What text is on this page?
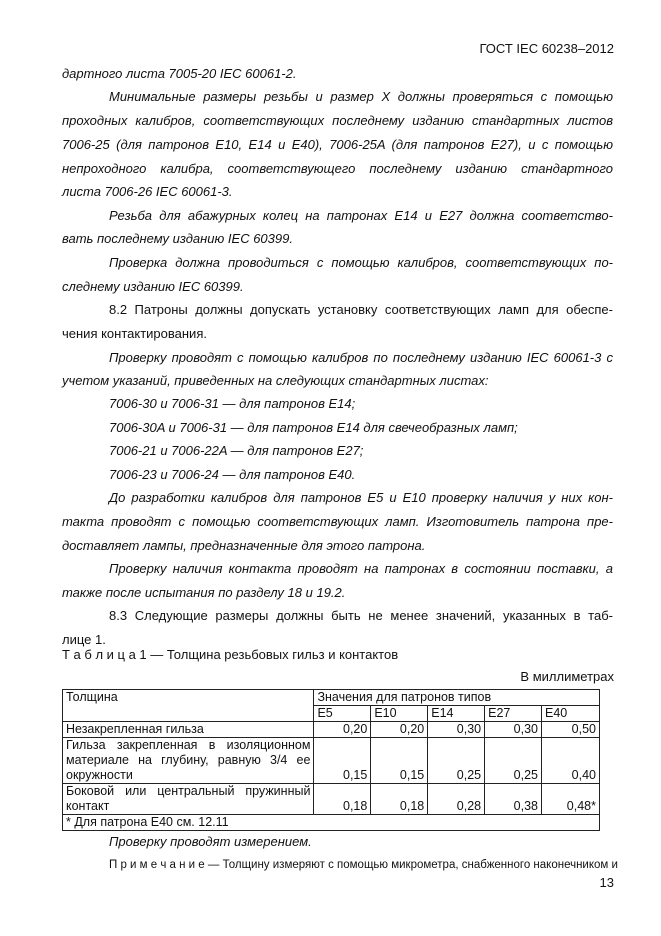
ГОСТ IEC 60238–2012
дартного листа 7005-20 IEC 60061-2.
Минимальные размеры резьбы и размер X должны проверяться с помощью
проходных калибров, соответствующих последнему изданию стандартных листов
7006-25 (для патронов E10, E14 и E40), 7006-25A (для патронов E27), и с помощью
непроходного калибра, соответствующего последнему изданию стандартного
листа 7006-26 IEC 60061-3.
Резьба для абажурных колец на патронах E14 и E27 должна соответство-
вать последнему изданию IEC 60399.
Проверка должна проводиться с помощью калибров, соответствующих по-
следнему изданию IEC 60399.
8.2 Патроны должны допускать установку соответствующих ламп для обеспе-
чения контактирования.
Проверку проводят с помощью калибров по последнему изданию IEC 60061-3 с
учетом указаний, приведенных на следующих стандартных листах:
7006-30 и 7006-31 — для патронов E14;
7006-30A и 7006-31 — для патронов E14 для свечеобразных ламп;
7006-21 и 7006-22A — для патронов E27;
7006-23 и 7006-24 — для патронов E40.
До разработки калибров для патронов E5 и E10 проверку наличия у них кон-
такта проводят с помощью соответствующих ламп. Изготовитель патрона пре-
доставляет лампы, предназначенные для этого патрона.
Проверку наличия контакта проводят на патронах в состоянии поставки, а
также после испытания по разделу 18 и 19.2.
8.3 Следующие размеры должны быть не менее значений, указанных в таб-
лице 1.
Т а б л и ц а 1 — Толщина резьбовых гильз и контактов
В миллиметрах
Толщина	Значения для патронов типов				
	E5	E10	E14	E27	E40
Незакрепленная гильза	0,20	0,20	0,30	0,30	0,50
Гильза закрепленная в изоляционном материале на глубину, равную 3/4 ее окружности	0,15	0,15	0,25	0,25	0,40
Боковой или центральный пружинный контакт	0,18	0,18	0,28	0,38	0,48*
* Для патрона E40 см. 12.11					
Проверку проводят измерением.
П р и м е ч а н и е — Толщину измеряют с помощью микрометра, снабженного наконечником и
13
